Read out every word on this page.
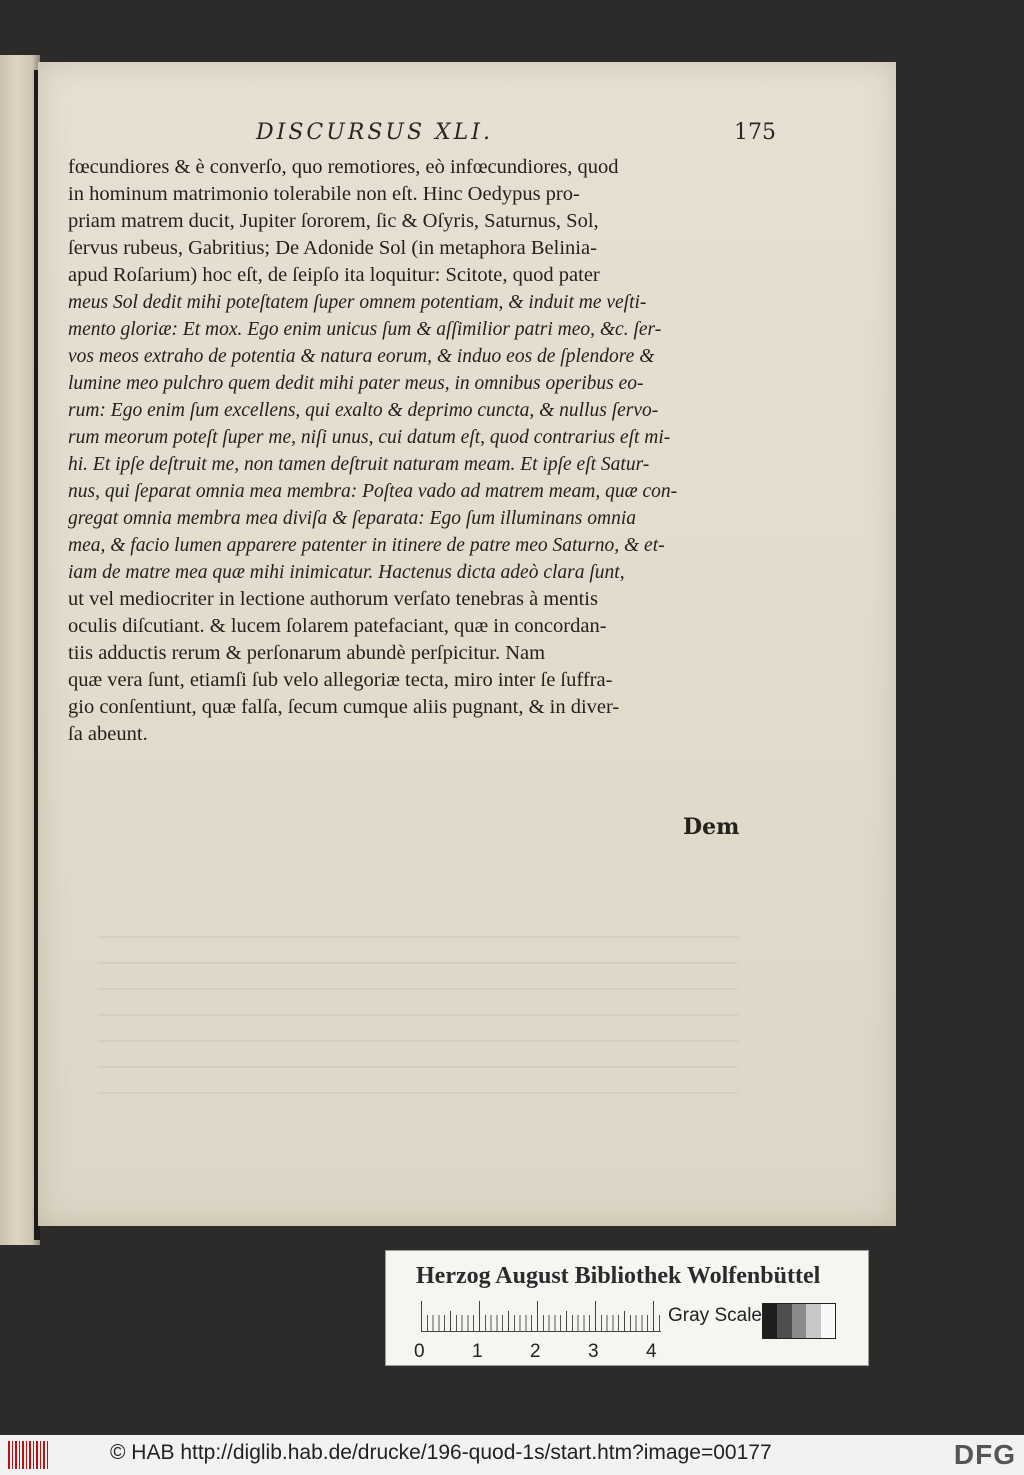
DISCURSUS XLI.	175
fœcundiores & è converſo, quo remotiores, eò infœcundiores, quod
in hominum matrimonio tolerabile non eſt. Hinc Oedypus pro-
priam matrem ducit, Jupiter ſororem, ſic & Oſyris, Saturnus, Sol,
ſervus rubeus, Gabritius; De Adonide Sol (in metaphora Belinia-
apud Roſarium) hoc eſt, de ſeipſo ita loquitur: Scitote, quod pater
meus Sol dedit mihi poteſtatem ſuper omnem potentiam, & induit me veſti-
mento gloriæ: Et mox. Ego enim unicus ſum & aſſimilior patri meo, &c. ſer-
vos meos extraho de potentia & natura eorum, & induo eos de ſplendore &
lumine meo pulchro quem dedit mihi pater meus, in omnibus operibus eo-
rum: Ego enim ſum excellens, qui exalto & deprimo cuncta, & nullus ſervo-
rum meorum poteſt ſuper me, niſi unus, cui datum eſt, quod contrarius eſt mi-
hi. Et ipſe deſtruit me, non tamen deſtruit naturam meam. Et ipſe eſt Satur-
nus, qui ſeparat omnia mea membra: Poſtea vado ad matrem meam, quæ con-
gregat omnia membra mea diviſa & ſeparata: Ego ſum illuminans omnia
mea, & facio lumen apparere patenter in itinere de patre meo Saturno, & et-
iam de matre mea quæ mihi inimicatur. Hactenus dicta adeò clara ſunt,
ut vel mediocriter in lectione authorum verſato tenebras à mentis
oculis diſcutiant. & lucem ſolarem patefaciant, quæ in concordan-
tiis adductis rerum & perſonarum abundè perſpicitur. Nam
quæ vera ſunt, etiamſi ſub velo allegoriæ tecta, miro inter ſe ſuffra-
gio conſentiunt, quæ falſa, ſecum cumque aliis pugnant, & in diver-
ſa abeunt.
Dem
Herzog August Bibliothek Wolfenbüttel
0 1 2 3 4
Gray Scale
© HAB http://diglib.hab.de/drucke/196-quod-1s/start.htm?image=00177	DFG
